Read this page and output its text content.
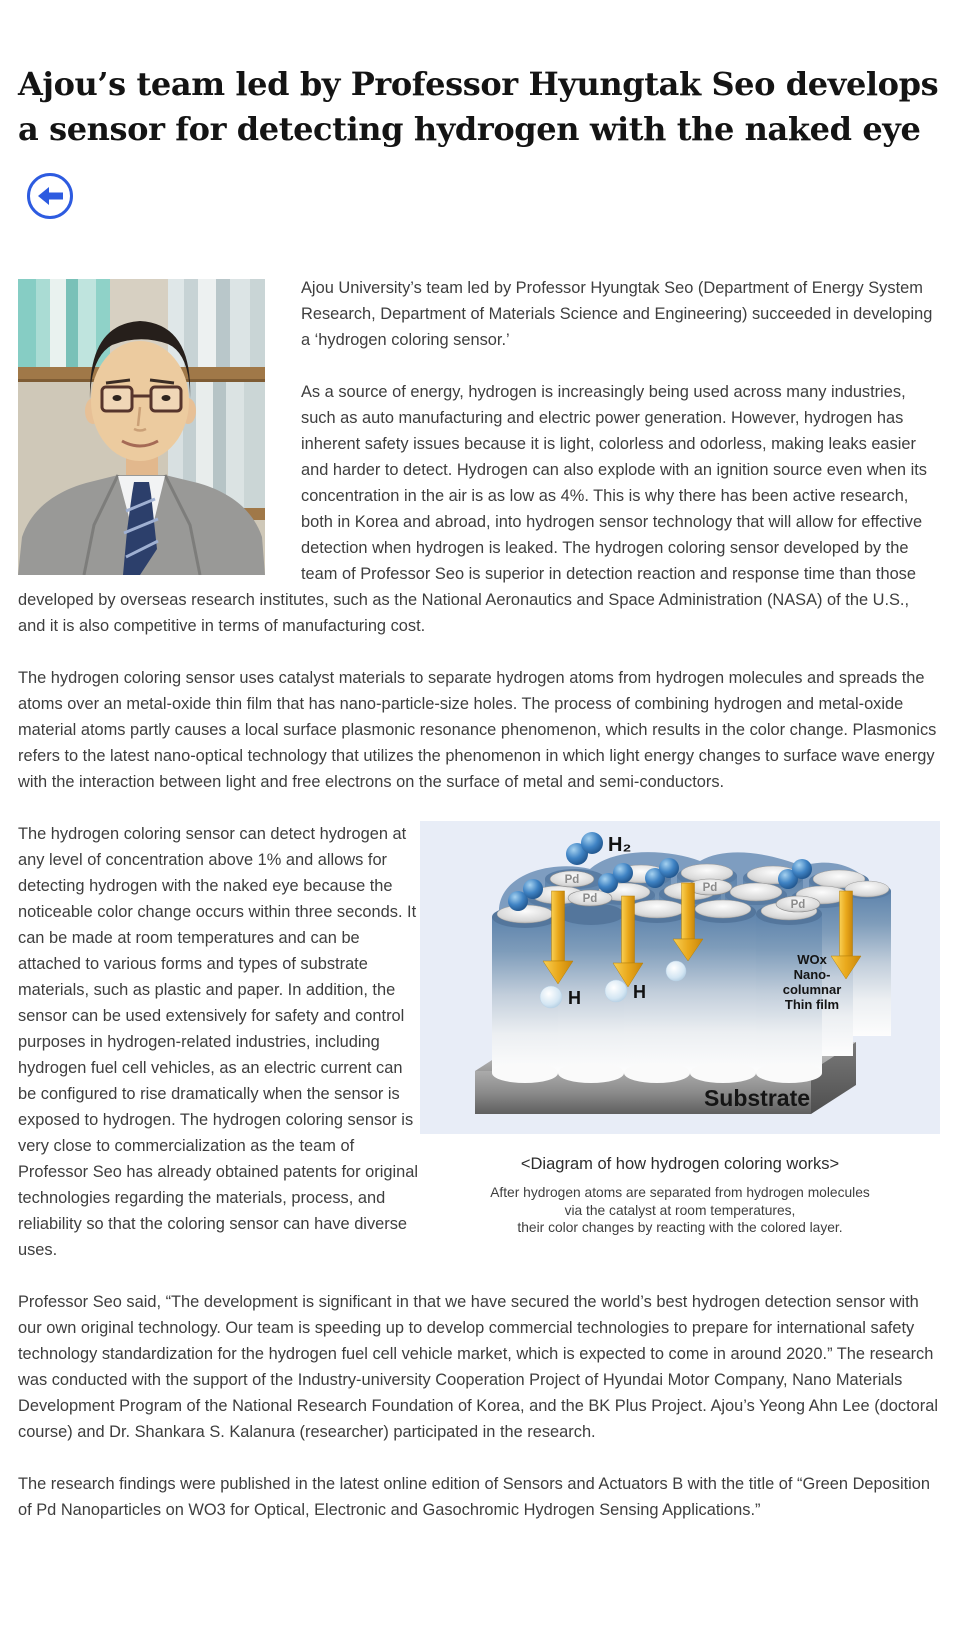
Ajou’s team led by Professor Hyungtak Seo develops
a sensor for detecting hydrogen with the naked eye

Ajou University’s team led by Professor Hyungtak Seo (Department of Energy System Research, Department of Materials Science and Engineering) succeeded in developing a ‘hydrogen coloring sensor.’

As a source of energy, hydrogen is increasingly being used across many industries, such as auto manufacturing and electric power generation. However, hydrogen has inherent safety issues because it is light, colorless and odorless, making leaks easier and harder to detect. Hydrogen can also explode with an ignition source even when its concentration in the air is as low as 4%. This is why there has been active research, both in Korea and abroad, into hydrogen sensor technology that will allow for effective detection when hydrogen is leaked. The hydrogen coloring sensor developed by the team of Professor Seo is superior in detection reaction and response time than those developed by overseas research institutes, such as the National Aeronautics and Space Administration (NASA) of the U.S., and it is also competitive in terms of manufacturing cost.

The hydrogen coloring sensor uses catalyst materials to separate hydrogen atoms from hydrogen molecules and spreads the atoms over an metal-oxide thin film that has nano-particle-size holes. The process of combining hydrogen and metal-oxide material atoms partly causes a local surface plasmonic resonance phenomenon, which results in the color change. Plasmonics refers to the latest nano-optical technology that utilizes the phenomenon in which light energy changes to surface wave energy with the interaction between light and free electrons on the surface of metal and semi-conductors.

Pd
Pd
Pd
Pd
H₂
H	H
WOx
Nano-
columnar
Thin film
Substrate
<Diagram of how hydrogen coloring works>
After hydrogen atoms are separated from hydrogen molecules
via the catalyst at room temperatures,
their color changes by reacting with the colored layer.

The hydrogen coloring sensor can detect hydrogen at any level of concentration above 1% and allows for detecting hydrogen with the naked eye because the noticeable color change occurs within three seconds. It can be made at room temperatures and can be attached to various forms and types of substrate materials, such as plastic and paper. In addition, the sensor can be used extensively for safety and control purposes in hydrogen-related industries, including hydrogen fuel cell vehicles, as an electric current can be configured to rise dramatically when the sensor is exposed to hydrogen. The hydrogen coloring sensor is very close to commercialization as the team of Professor Seo has already obtained patents for original technologies regarding the materials, process, and reliability so that the coloring sensor can have diverse uses.

Professor Seo said, “The development is significant in that we have secured the world’s best hydrogen detection sensor with our own original technology. Our team is speeding up to develop commercial technologies to prepare for international safety technology standardization for the hydrogen fuel cell vehicle market, which is expected to come in around 2020.” The research was conducted with the support of the Industry-university Cooperation Project of Hyundai Motor Company, Nano Materials Development Program of the National Research Foundation of Korea, and the BK Plus Project. Ajou’s Yeong Ahn Lee (doctoral course) and Dr. Shankara S. Kalanura (researcher) participated in the research.

The research findings were published in the latest online edition of Sensors and Actuators B with the title of “Green Deposition of Pd Nanoparticles on WO3 for Optical, Electronic and Gasochromic Hydrogen Sensing Applications.”
